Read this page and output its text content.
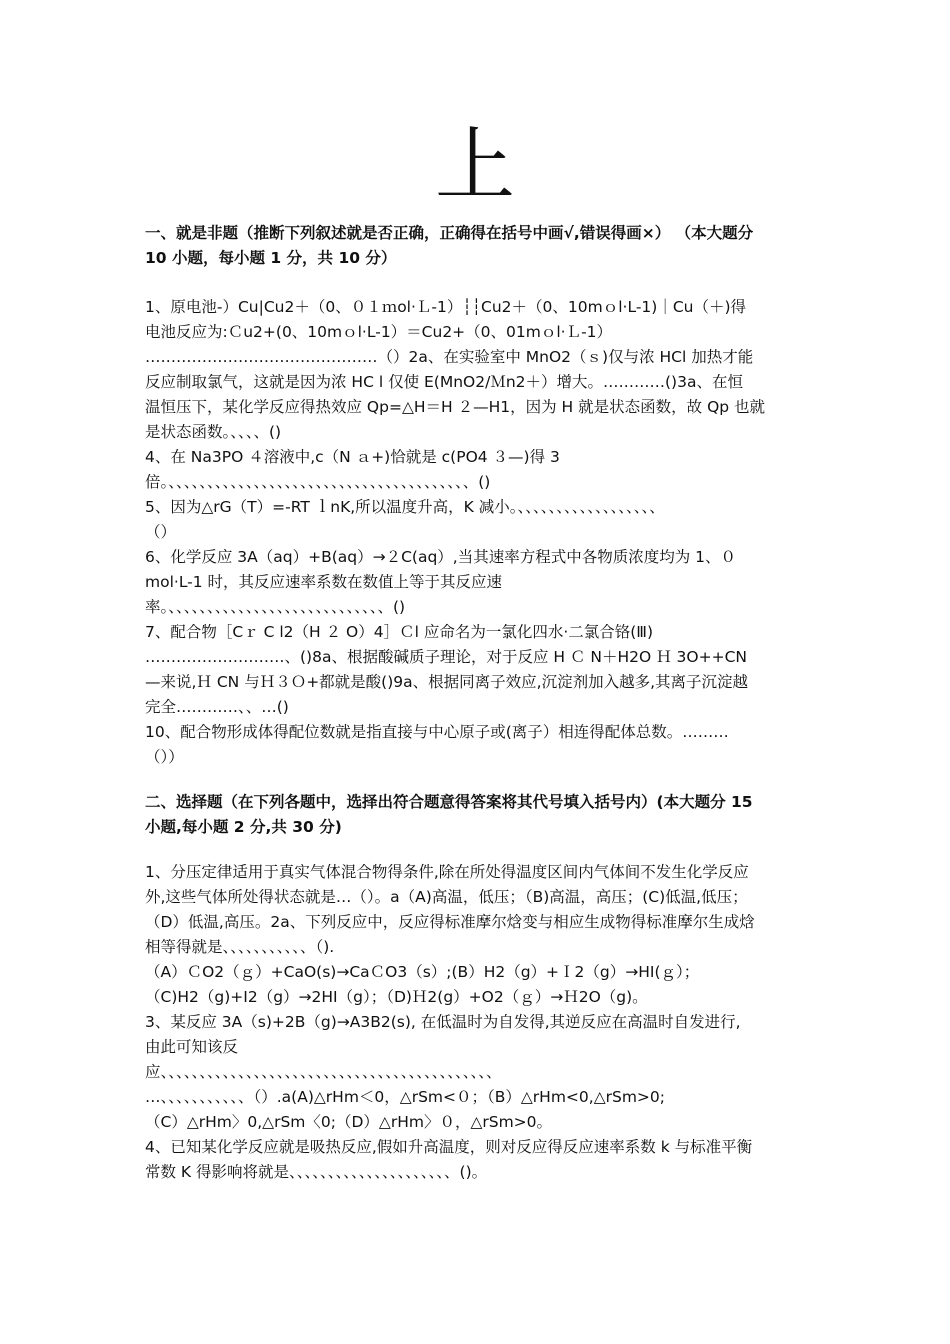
上
一、就是非题（推断下列叙述就是否正确，正确得在括号中画√,错误得画×） （本大题分
10 小题，每小题 1 分，共 10 分）
1、原电池-）Cu|Cu2＋（0、０１ｍol·Ｌ-1）┆┆Cu2＋（0、10mｏl·L-1)｜Cu（＋)得
电池反应为:Ｃu2+(0、10mｏl·L-1）＝Cu2+（0、01mｏl·Ｌ-1）
………………………………………（）2a、在实验室中 MnO2（ｓ)仅与浓 HCl 加热才能
反应制取氯气，这就是因为浓 HC l 仅使 E(MnO2/Ｍn2＋）增大。…………()3a、在恒
温恒压下，某化学反应得热效应 Qp=△H＝H ２—H1，因为 H 就是状态函数，故 Qp 也就
是状态函数。、、、、()
4、在 Na3PO ４溶液中,c（N ａ+)恰就是 c(PO4 ３—)得 3
倍。、、、、、、、、、、、、、、、、、、、、、、、、、、、、、、、、、、、、、、、()
5、因为△rG（T）=-RT ｌnK,所以温度升高，K 减小。、、、、、、、、、、、、、、、、、、
（）
6、化学反应 3A（aq）+B(aq）→２C(aq）,当其速率方程式中各物质浓度均为 1、０
mol·L-1 时，其反应速率系数在数值上等于其反应速
率。、、、、、、、、、、、、、、、、、、、、、、、、、、、、()
7、配合物［Cｒ C l2（H ２ O）4］Ｃl 应命名为一氯化四水·二氯合铬(Ⅲ)
………………………、()8a、根据酸碱质子理论，对于反应 H Ｃ N＋H2O Ｈ 3O++CN
—来说,Ｈ CN 与Ｈ３Ｏ+都就是酸()9a、根据同离子效应,沉淀剂加入越多,其离子沉淀越
完全…………、、…()
10、配合物形成体得配位数就是指直接与中心原子或(离子）相连得配体总数。………
（））
二、选择题（在下列各题中，选择出符合题意得答案将其代号填入括号内）(本大题分 15
小题,每小题 2 分,共 30 分)
1、分压定律适用于真实气体混合物得条件,除在所处得温度区间内气体间不发生化学反应
外,这些气体所处得状态就是…（）。a（A)高温，低压；（B)高温，高压；(C)低温,低压；
（D）低温,高压。2a、下列反应中，反应得标准摩尔焓变与相应生成物得标准摩尔生成焓
相等得就是、、、、、、、、、、、（).
（A）ＣO2（ｇ）+CaO(s)→CaＣO3（s）;(B）H2（g）+Ｉ2（g）→HI(ｇ）；
（C)H2（g)+I2（g）→2HI（g）；（D)Ｈ2(g）+O2（ｇ）→Ｈ2O（g)。
3、某反应 3A（s)+2B（g)→A3B2(s), 在低温时为自发得,其逆反应在高温时自发进行,
由此可知该反
应、、、、、、、、、、、、、、、、、、、、、、、、、、、、、、、、、、、、、、、、、、、
…、、、、、、、、、、、（）.a(A)△rHm＜0，△rSm<０；（B）△rHm<0,△rSm>0;
（C）△rHm〉0,△rSm〈0;（D）△rHm〉０，△rSm>0。
4、已知某化学反应就是吸热反应,假如升高温度，则对反应得反应速率系数 k 与标准平衡
常数 K 得影响将就是、、、、、、、、、、、、、、、、、、、、、()。
